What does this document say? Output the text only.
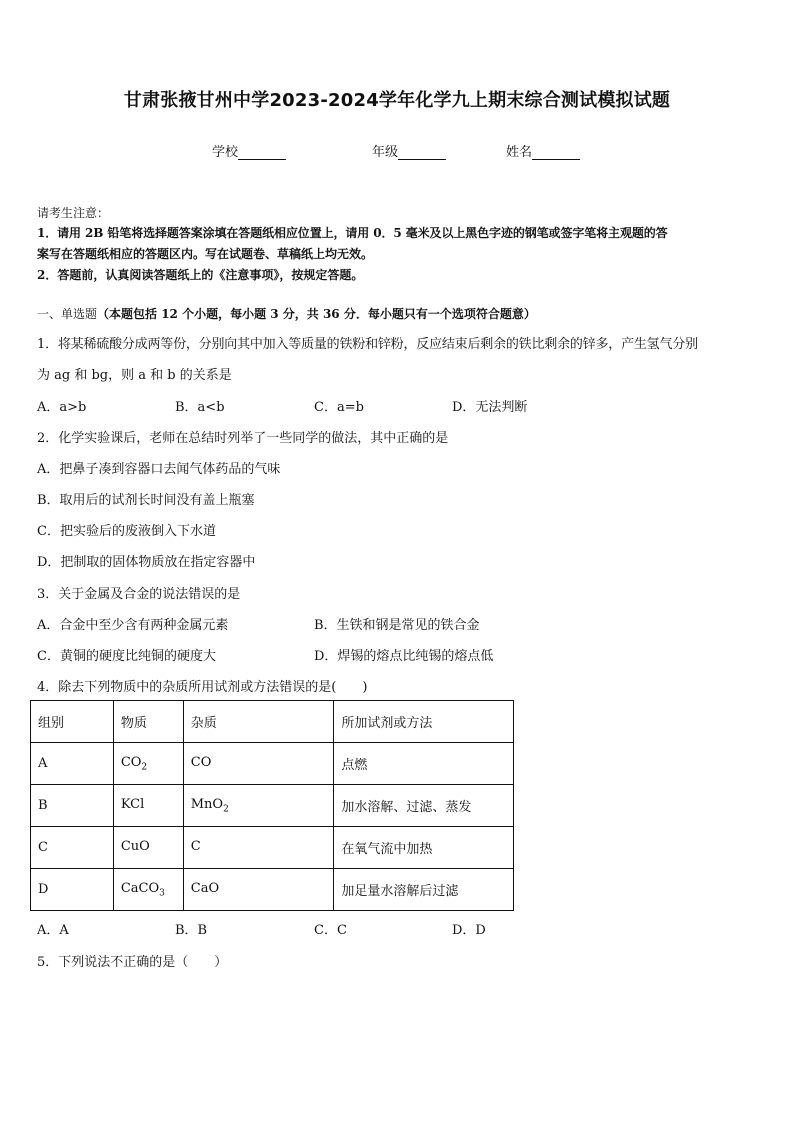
甘肃张掖甘州中学2023-2024学年化学九上期末综合测试模拟试题
学校	年级	姓名
请考生注意：
1．请用 2B 铅笔将选择题答案涂填在答题纸相应位置上，请用 0．5 毫米及以上黑色字迹的钢笔或签字笔将主观题的答
案写在答题纸相应的答题区内。写在试题卷、草稿纸上均无效。
2．答题前，认真阅读答题纸上的《注意事项》，按规定答题。
一、单选题（本题包括 12 个小题，每小题 3 分，共 36 分．每小题只有一个选项符合题意）
1．将某稀硫酸分成两等份，分别向其中加入等质量的铁粉和锌粉，反应结束后剩余的铁比剩余的锌多，产生氢气分别
为 ag 和 bg，则 a 和 b 的关系是
A．a>b	B．a<b	C．a=b	D．无法判断
2．化学实验课后，老师在总结时列举了一些同学的做法，其中正确的是
A．把鼻子凑到容器口去闻气体药品的气味
B．取用后的试剂长时间没有盖上瓶塞
C．把实验后的废液倒入下水道
D．把制取的固体物质放在指定容器中
3．关于金属及合金的说法错误的是
A．合金中至少含有两种金属元素	B．生铁和钢是常见的铁合金
C．黄铜的硬度比纯铜的硬度大	D．焊锡的熔点比纯锡的熔点低
4．除去下列物质中的杂质所用试剂或方法错误的是(　　)
组别	物质	杂质	所加试剂或方法
A	$CO_2$	CO	点燃
B	KCl	MnO$_2$	加水溶解、过滤、蒸发
C	CuO	C	在氧气流中加热
D	CaCO$_3$	CaO	加足量水溶解后过滤
A．A	B．B	C．C	D．D
5．下列说法不正确的是（　　）
